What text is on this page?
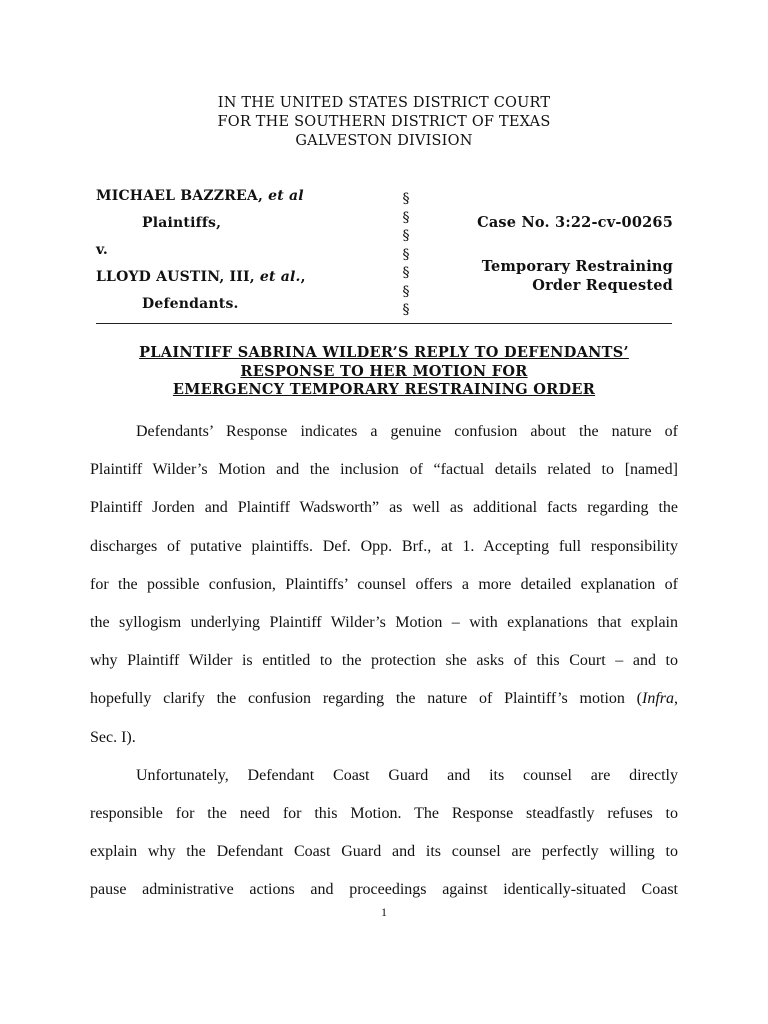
IN THE UNITED STATES DISTRICT COURT
FOR THE SOUTHERN DISTRICT OF TEXAS
GALVESTON DIVISION
MICHAEL BAZZREA, et al
Plaintiffs,
v.
LLOYD AUSTIN, III, et al.,
Defendants.
§
§
§
§
§
§
§
Case No. 3:22-cv-00265
Temporary Restraining
Order Requested
PLAINTIFF SABRINA WILDER’S REPLY TO DEFENDANTS’
RESPONSE TO HER MOTION FOR
EMERGENCY TEMPORARY RESTRAINING ORDER
Defendants’ Response indicates a genuine confusion about the nature of
Plaintiff Wilder’s Motion and the inclusion of “factual details related to [named]
Plaintiff Jorden and Plaintiff Wadsworth” as well as additional facts regarding the
discharges of putative plaintiffs. Def. Opp. Brf., at 1. Accepting full responsibility
for the possible confusion, Plaintiffs’ counsel offers a more detailed explanation of
the syllogism underlying Plaintiff Wilder’s Motion – with explanations that explain
why Plaintiff Wilder is entitled to the protection she asks of this Court – and to
hopefully clarify the confusion regarding the nature of Plaintiff’s motion (Infra,
Sec. I).
Unfortunately, Defendant Coast Guard and its counsel are directly
responsible for the need for this Motion. The Response steadfastly refuses to
explain why the Defendant Coast Guard and its counsel are perfectly willing to
pause administrative actions and proceedings against identically-situated Coast
1
